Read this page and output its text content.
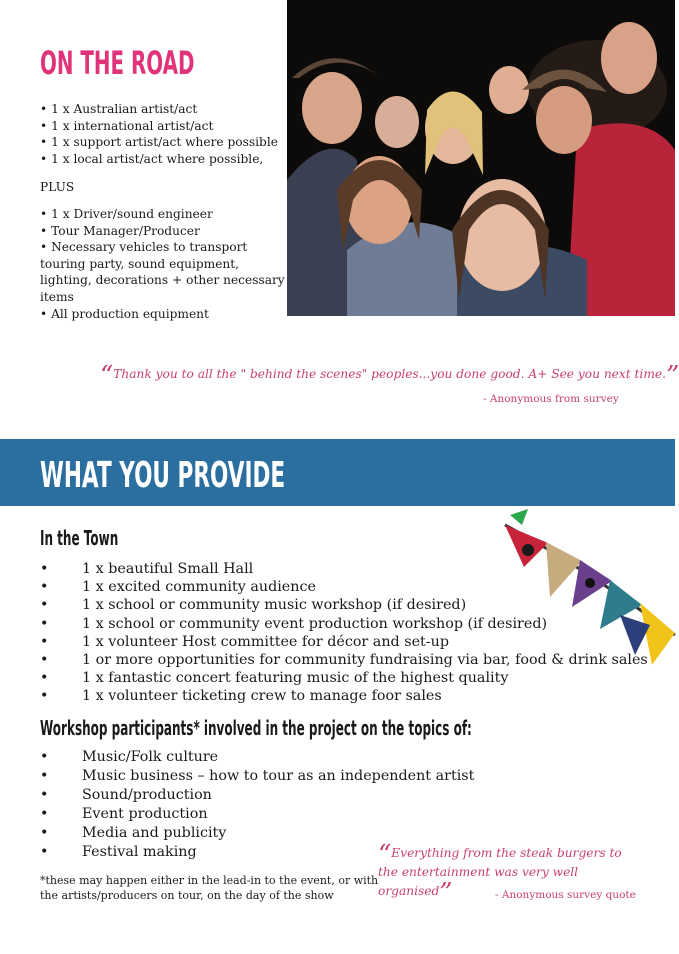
ON THE ROAD

• 1 x Australian artist/act

• 1 x international artist/act

• 1 x support artist/act where possible

• 1 x local artist/act where possible,

PLUS

• 1 x Driver/sound engineer

• Tour Manager/Producer

• Necessary vehicles to transport touring party, sound equipment, lighting, decorations + other necessary items

• All production equipment

“Thank you to all the " behind the scenes" peoples...you done good. A+ See you next time.”
- Anonymous from survey
WHAT YOU PROVIDE
In the Town
• 1 x beautiful Small Hall
• 1 x excited community audience
• 1 x school or community music workshop (if desired)
• 1 x school or community event production workshop (if desired)
• 1 x volunteer Host committee for décor and set-up
• 1 or more opportunities for community fundraising via bar, food & drink sales
• 1 x fantastic concert featuring music of the highest quality
• 1 x volunteer ticketing crew to manage foor sales
Workshop participants* involved in the project on the topics of:
• Music/Folk culture
• Music business – how to tour as an independent artist
• Sound/production
• Event production
• Media and publicity
• Festival making
*these may happen either in the lead-in to the event, or with the artists/producers on tour, on the day of the show
“Everything from the steak burgers to the entertainment was very well organised”	- Anonymous survey quote
